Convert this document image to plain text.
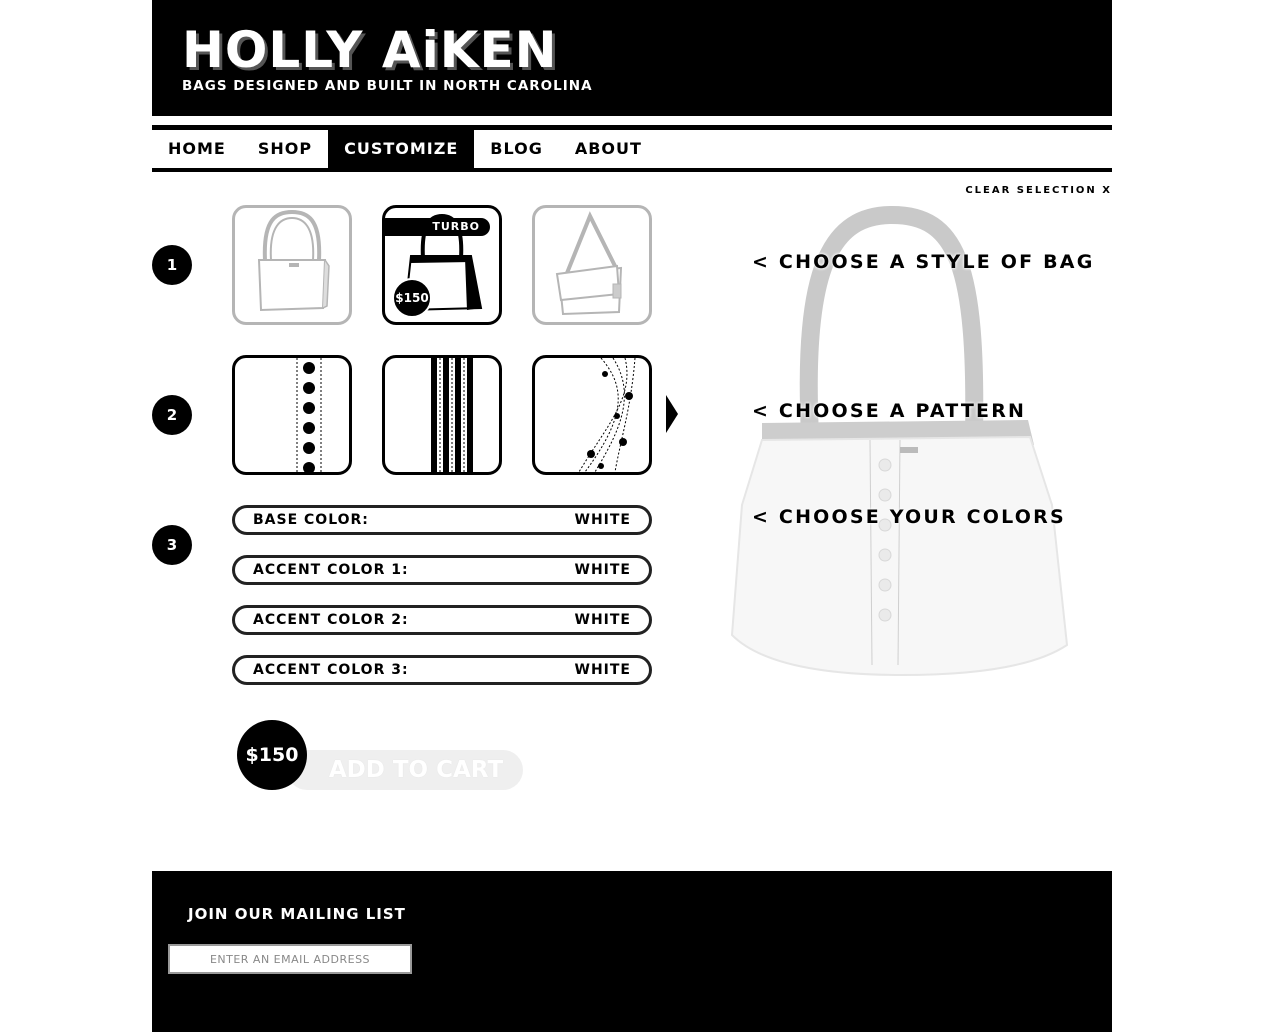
HOLLY AiKEN
BAGS DESIGNED AND BUILT IN NORTH CAROLINA
HOME	SHOP	CUSTOMIZE	BLOG	ABOUT
CLEAR SELECTION X
1
TURBO
$150
< CHOOSE A STYLE OF BAG
2	< CHOOSE A PATTERN
3
BASE COLOR:	WHITE
ACCENT COLOR 1:	WHITE
ACCENT COLOR 2:	WHITE
ACCENT COLOR 3:	WHITE
< CHOOSE YOUR COLORS
$150
ADD TO CART
JOIN OUR MAILING LIST
ENTER AN EMAIL ADDRESS
